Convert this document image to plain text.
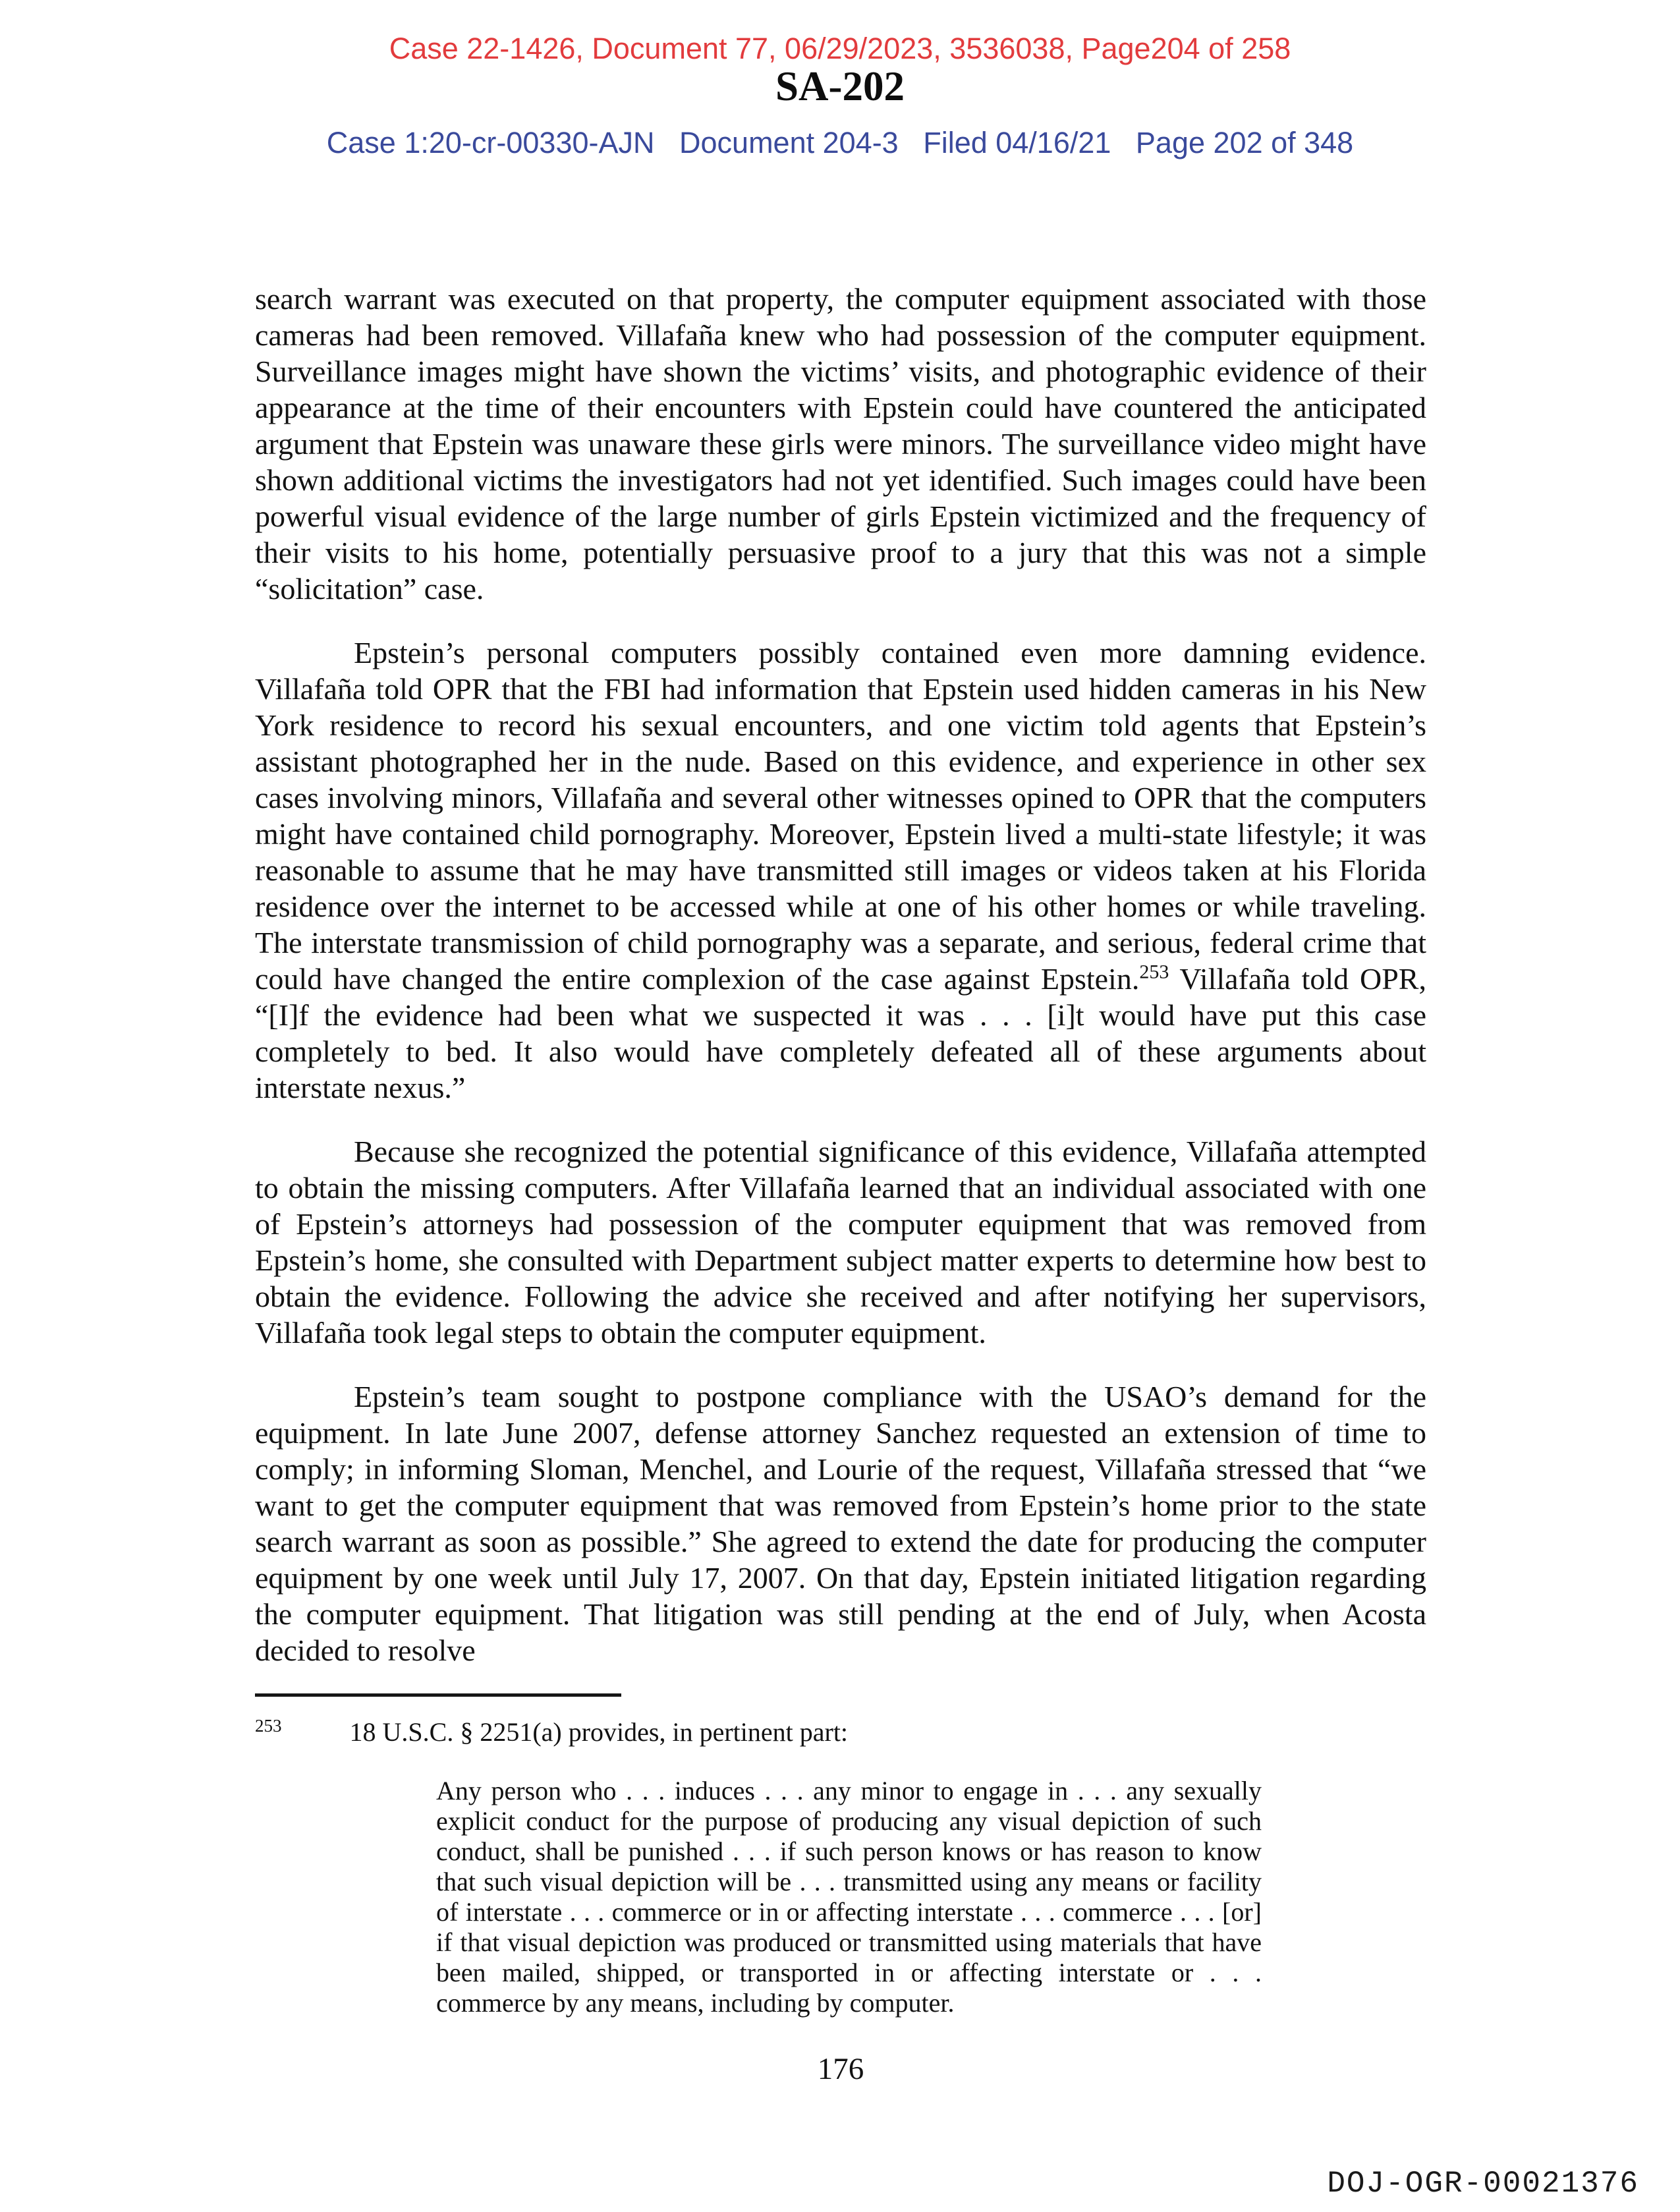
Case 22-1426, Document 77, 06/29/2023, 3536038, Page204 of 258
SA-202
Case 1:20-cr-00330-AJN   Document 204-3   Filed 04/16/21   Page 202 of 348

search warrant was executed on that property, the computer equipment associated with those cameras had been removed. Villafaña knew who had possession of the computer equipment. Surveillance images might have shown the victims’ visits, and photographic evidence of their appearance at the time of their encounters with Epstein could have countered the anticipated argument that Epstein was unaware these girls were minors. The surveillance video might have shown additional victims the investigators had not yet identified. Such images could have been powerful visual evidence of the large number of girls Epstein victimized and the frequency of their visits to his home, potentially persuasive proof to a jury that this was not a simple “solicitation” case.

Epstein’s personal computers possibly contained even more damning evidence. Villafaña told OPR that the FBI had information that Epstein used hidden cameras in his New York residence to record his sexual encounters, and one victim told agents that Epstein’s assistant photographed her in the nude. Based on this evidence, and experience in other sex cases involving minors, Villafaña and several other witnesses opined to OPR that the computers might have contained child pornography. Moreover, Epstein lived a multi-state lifestyle; it was reasonable to assume that he may have transmitted still images or videos taken at his Florida residence over the internet to be accessed while at one of his other homes or while traveling. The interstate transmission of child pornography was a separate, and serious, federal crime that could have changed the entire complexion of the case against Epstein.$^{253}$ Villafaña told OPR, “[I]f the evidence had been what we suspected it was . . . [i]t would have put this case completely to bed. It also would have completely defeated all of these arguments about interstate nexus.”

Because she recognized the potential significance of this evidence, Villafaña attempted to obtain the missing computers. After Villafaña learned that an individual associated with one of Epstein’s attorneys had possession of the computer equipment that was removed from Epstein’s home, she consulted with Department subject matter experts to determine how best to obtain the evidence. Following the advice she received and after notifying her supervisors, Villafaña took legal steps to obtain the computer equipment.

Epstein’s team sought to postpone compliance with the USAO’s demand for the equipment. In late June 2007, defense attorney Sanchez requested an extension of time to comply; in informing Sloman, Menchel, and Lourie of the request, Villafaña stressed that “we want to get the computer equipment that was removed from Epstein’s home prior to the state search warrant as soon as possible.” She agreed to extend the date for producing the computer equipment by one week until July 17, 2007. On that day, Epstein initiated litigation regarding the computer equipment. That litigation was still pending at the end of July, when Acosta decided to resolve

$^{253}$	18 U.S.C. § 2251(a) provides, in pertinent part:

Any person who . . . induces . . . any minor to engage in . . . any sexually explicit conduct for the purpose of producing any visual depiction of such conduct, shall be punished . . . if such person knows or has reason to know that such visual depiction will be . . . transmitted using any means or facility of interstate . . . commerce or in or affecting interstate . . . commerce . . . [or] if that visual depiction was produced or transmitted using materials that have been mailed, shipped, or transported in or affecting interstate or . . . commerce by any means, including by computer.

176
DOJ-OGR-00021376
